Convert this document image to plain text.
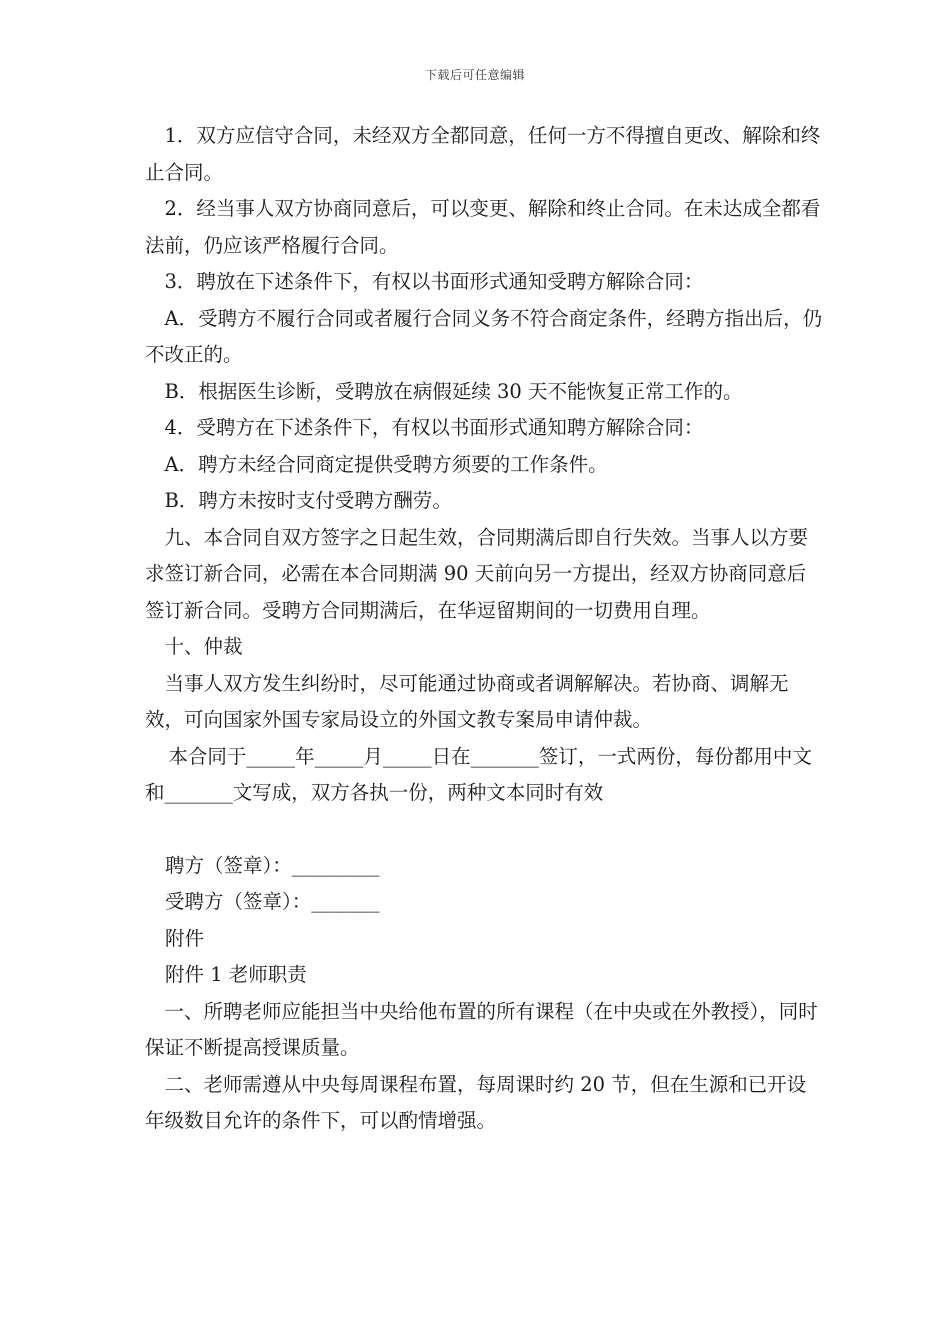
下载后可任意编辑

1．双方应信守合同，未经双方全都同意，任何一方不得擅自更改、解除和终止合同。

2．经当事人双方协商同意后，可以变更、解除和终止合同。在未达成全都看法前，仍应该严格履行合同。

3．聘放在下述条件下，有权以书面形式通知受聘方解除合同：

A．受聘方不履行合同或者履行合同义务不符合商定条件，经聘方指出后，仍不改正的。

B．根据医生诊断，受聘放在病假延续 30 天不能恢复正常工作的。

4．受聘方在下述条件下，有权以书面形式通知聘方解除合同：

A．聘方未经合同商定提供受聘方须要的工作条件。

B．聘方未按时支付受聘方酬劳。

九、本合同自双方签字之日起生效，合同期满后即自行失效。当事人以方要求签订新合同，必需在本合同期满 90 天前向另一方提出，经双方协商同意后签订新合同。受聘方合同期满后，在华逗留期间的一切费用自理。

十、仲裁

当事人双方发生纠纷时，尽可能通过协商或者调解解决。若协商、调解无效，可向国家外国专家局设立的外国文教专案局申请仲裁。

本合同于_____年_____月_____日在_______签订，一式两份，每份都用中文和_______文写成，双方各执一份，两种文本同时有效

聘方（签章）：_________

受聘方（签章）：_______

附件

附件 1 老师职责

一、所聘老师应能担当中央给他布置的所有课程（在中央或在外教授），同时保证不断提高授课质量。

二、老师需遵从中央每周课程布置，每周课时约 20 节，但在生源和已开设年级数目允许的条件下，可以酌情增强。
